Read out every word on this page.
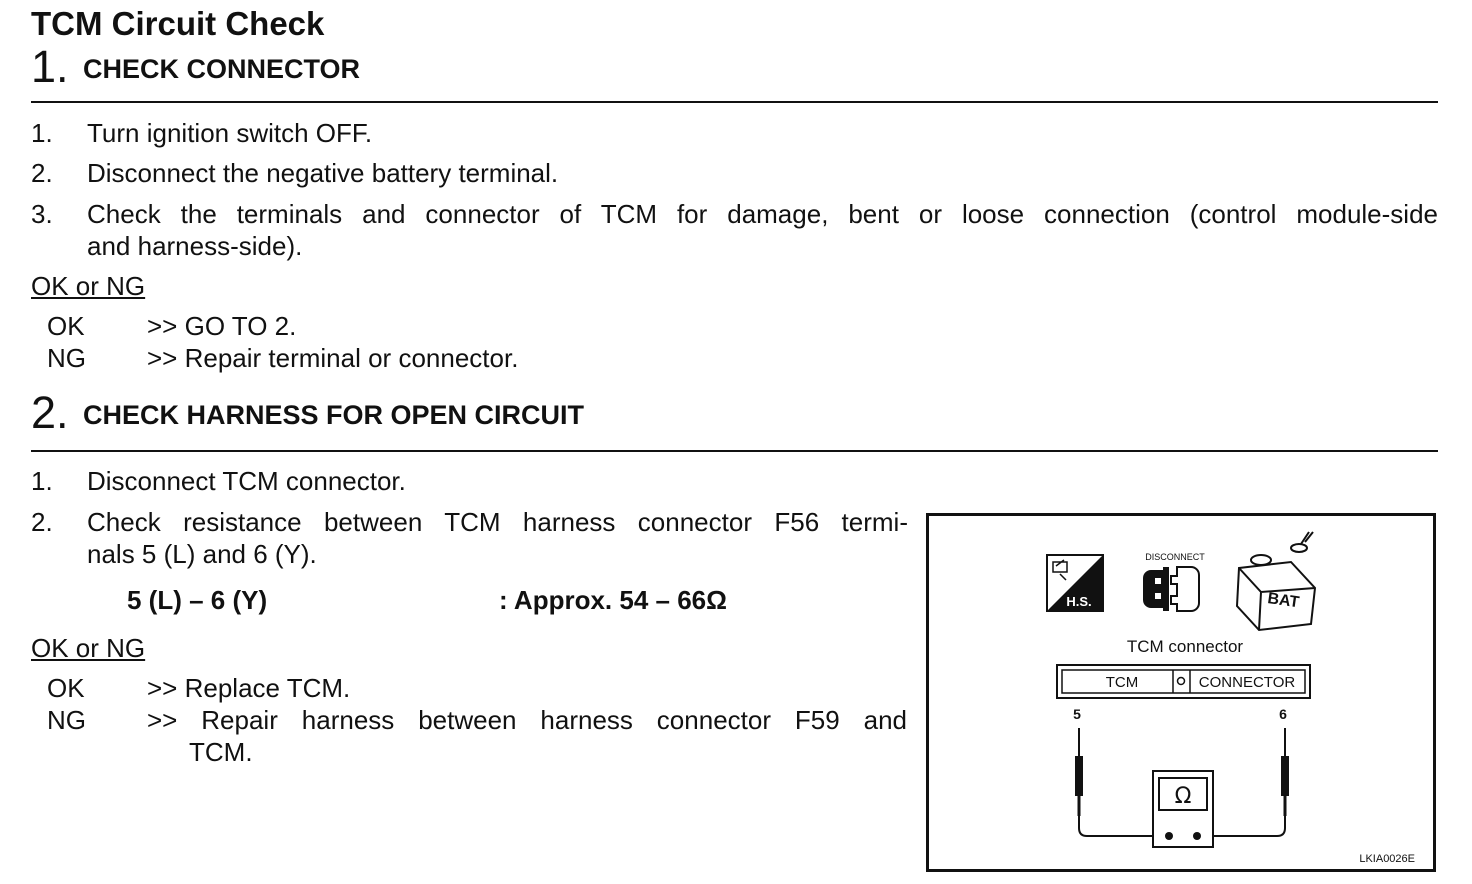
TCM Circuit Check
1. CHECK CONNECTOR
1. Turn ignition switch OFF.
2. Disconnect the negative battery terminal.
3. Check the terminals and connector of TCM for damage, bent or loose connection (control module-side
and harness-side).
OK or NG
OK >> GO TO 2.
NG >> Repair terminal or connector.
2. CHECK HARNESS FOR OPEN CIRCUIT
1. Disconnect TCM connector.
2. Check resistance between TCM harness connector F56 termi-
nals 5 (L) and 6 (Y).
5 (L) – 6 (Y)	: Approx. 54 – 66Ω
OK or NG
OK >> Replace TCM.
NG >> Repair harness between harness connector F59 and
TCM.
H.S.
DISCONNECT
BAT
TCM connector
TCM	CONNECTOR
5	6
Ω
LKIA0026E
